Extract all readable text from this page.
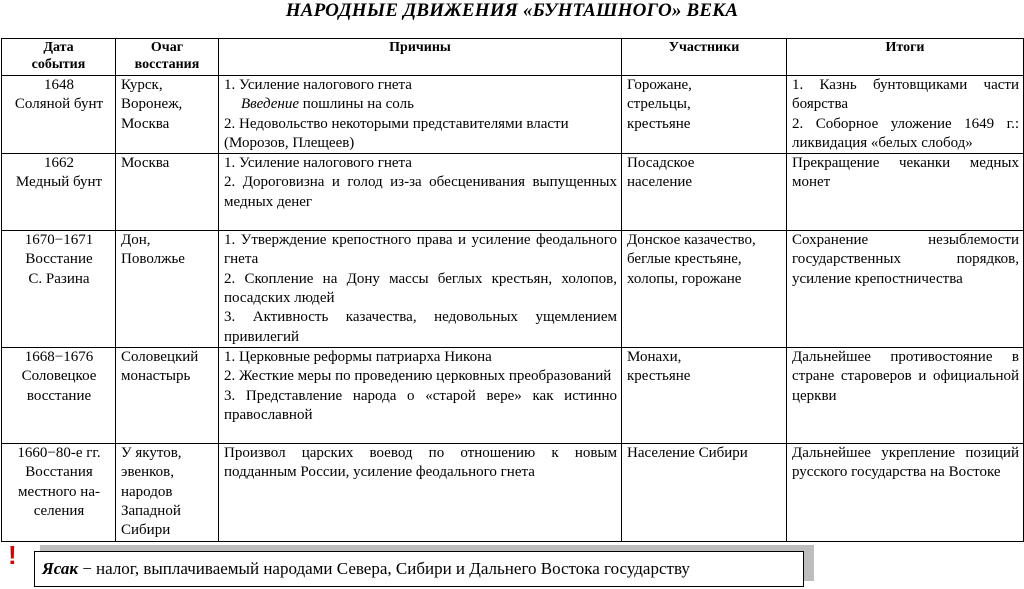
НАРОДНЫЕ ДВИЖЕНИЯ «БУНТАШНОГО» ВЕКА
Дата
события	Очаг
восстания	Причины	Участники	Итоги

1648
Соляной бунт	Курск,
Воронеж,
Москва	1. Усиление налогового гнета
Введение пошлины на соль
2. Недовольство некоторыми представителями власти (Морозов, Плещеев)	Горожане,
стрельцы,
крестьяне	1. Казнь бунтовщиками части боярства
2. Соборное уложение 1649 г.: ликвидация «белых слобод»

1662
Медный бунт	Москва	1. Усиление налогового гнета
2. Дороговизна и голод из-за обесценивания выпущенных медных денег	Посадское
население	Прекращение чеканки медных монет

1670−1671
Восстание
С. Разина	Дон,
Поволжье	1. Утверждение крепостного права и усиление феодального гнета
2. Скопление на Дону массы беглых крестьян, холопов, посадских людей
3. Активность казачества, недовольных ущемлением привилегий	Донское казачество,
беглые крестьяне,
холопы, горожане	Сохранение незыблемости государственных порядков, усиление крепостничества

1668−1676
Соловецкое
восстание	Соловецкий
монастырь	1. Церковные реформы патриарха Никона
2. Жесткие меры по проведению церковных преобразований
3. Представление народа о «старой вере» как истинно православной	Монахи,
крестьяне	Дальнейшее противостояние в стране староверов и официальной церкви

1660−80-е гг.
Восстания
местного на-
селения	У якутов,
эвенков,
народов
Западной
Сибири	Произвол царских воевод по отношению к новым подданным России, усиление феодального гнета	Население Сибири	Дальнейшее укрепление позиций русского государства на Востоке
!	Ясак − налог, выплачиваемый народами Севера, Сибири и Дальнего Востока государству
